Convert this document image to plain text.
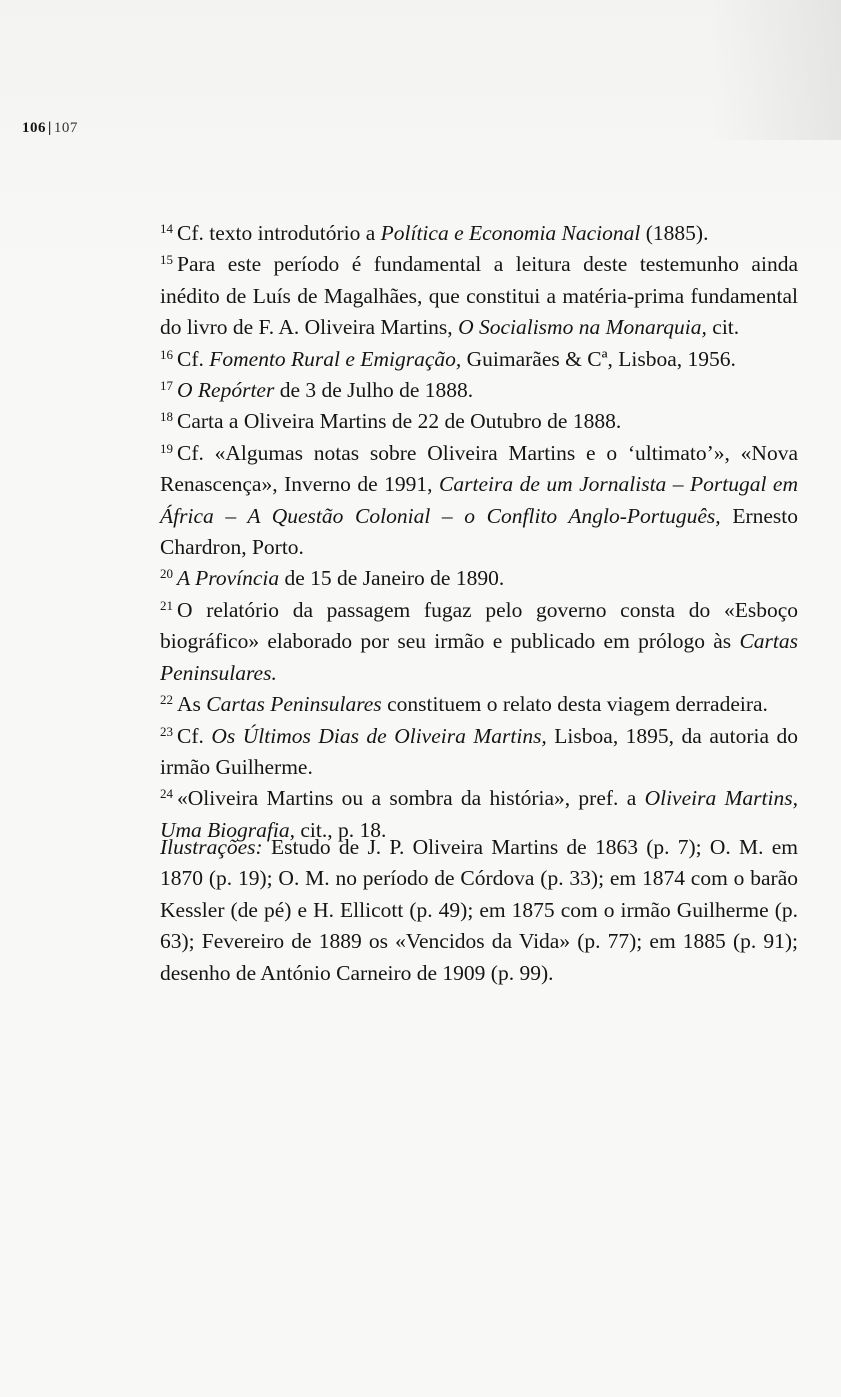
106 | 107

$^{14}$ Cf. texto introdutório a Política e Economia Nacional (1885).

$^{15}$ Para este período é fundamental a leitura deste testemunho ainda inédito de Luís de Magalhães, que constitui a matéria-prima fundamental do livro de F. A. Oliveira Martins, O Socialismo na Monarquia, cit.

$^{16}$ Cf. Fomento Rural e Emigração, Guimarães & Cª, Lisboa, 1956.

$^{17}$ O Repórter de 3 de Julho de 1888.

$^{18}$ Carta a Oliveira Martins de 22 de Outubro de 1888.

$^{19}$ Cf. «Algumas notas sobre Oliveira Martins e o ‘ultimato’», «Nova Renascença», Inverno de 1991, Carteira de um Jornalista – Portugal em África – A Questão Colonial – o Conflito Anglo-Português, Ernesto Chardron, Porto.

$^{20}$ A Província de 15 de Janeiro de 1890.

$^{21}$ O relatório da passagem fugaz pelo governo consta do «Esboço biográfico» elaborado por seu irmão e publicado em prólogo às Cartas Peninsulares.

$^{22}$ As Cartas Peninsulares constituem o relato desta viagem derradeira.

$^{23}$ Cf. Os Últimos Dias de Oliveira Martins, Lisboa, 1895, da autoria do irmão Guilherme.

$^{24}$ «Oliveira Martins ou a sombra da história», pref. a Oliveira Martins, Uma Biografia, cit., p. 18.

Ilustrações: Estudo de J. P. Oliveira Martins de 1863 (p. 7); O. M. em 1870 (p. 19); O. M. no período de Córdova (p. 33); em 1874 com o barão Kessler (de pé) e H. Ellicott (p. 49); em 1875 com o irmão Guilherme (p. 63); Fevereiro de 1889 os «Vencidos da Vida» (p. 77); em 1885 (p. 91); desenho de António Carneiro de 1909 (p. 99).
